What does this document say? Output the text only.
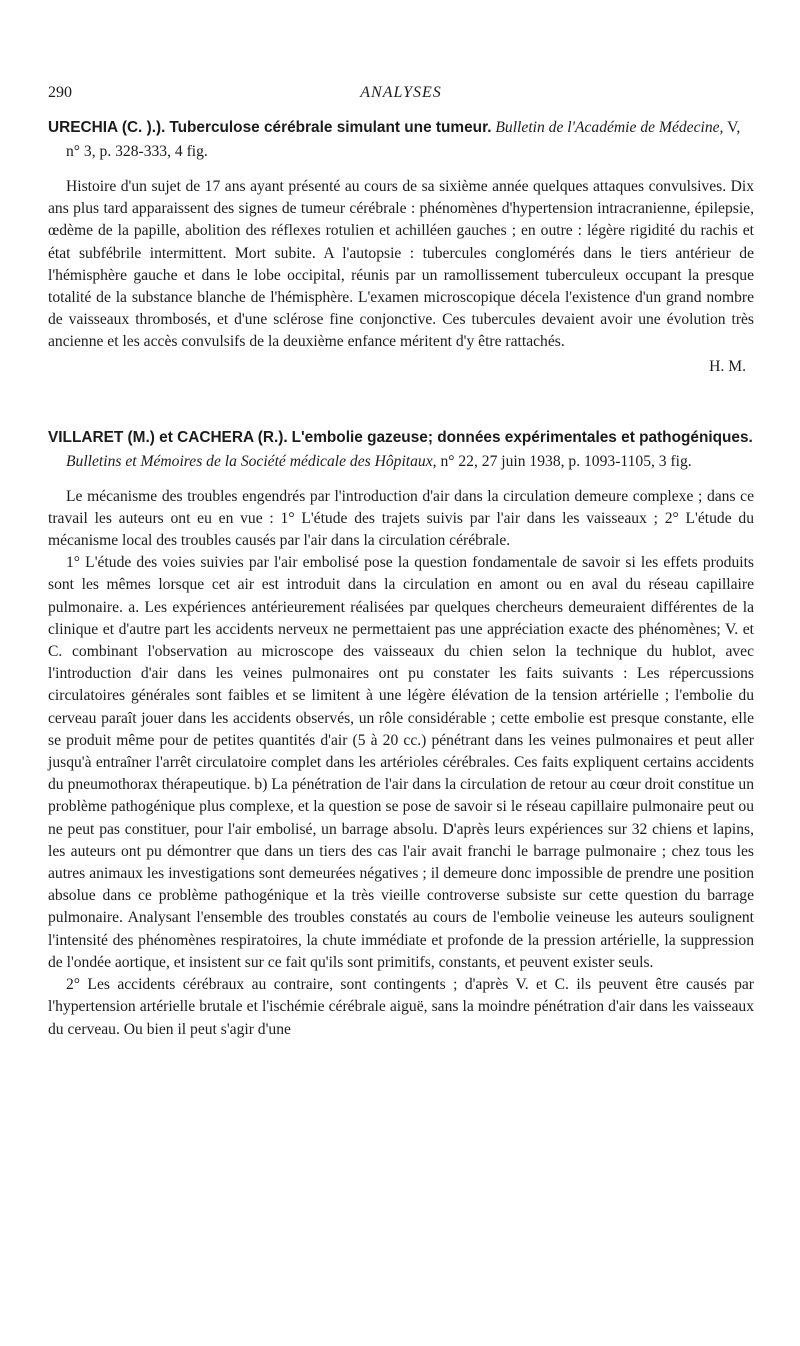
290	ANALYSES

URECHIA (C. ).). Tuberculose cérébrale simulant une tumeur. Bulletin de l'Académie de Médecine, V, n° 3, p. 328-333, 4 fig.

Histoire d'un sujet de 17 ans ayant présenté au cours de sa sixième année quelques attaques convulsives. Dix ans plus tard apparaissent des signes de tumeur cérébrale : phénomènes d'hypertension intracranienne, épilepsie, œdème de la papille, abolition des réflexes rotulien et achilléen gauches ; en outre : légère rigidité du rachis et état subfébrile intermittent. Mort subite. A l'autopsie : tubercules conglomérés dans le tiers antérieur de l'hémisphère gauche et dans le lobe occipital, réunis par un ramollissement tuberculeux occupant la presque totalité de la substance blanche de l'hémisphère. L'examen microscopique décela l'existence d'un grand nombre de vaisseaux thrombosés, et d'une sclérose fine conjonctive. Ces tubercules devaient avoir une évolution très ancienne et les accès convulsifs de la deuxième enfance méritent d'y être rattachés.

H. M.

VILLARET (M.) et CACHERA (R.). L'embolie gazeuse; données expérimentales et pathogéniques. Bulletins et Mémoires de la Société médicale des Hôpitaux, n° 22, 27 juin 1938, p. 1093-1105, 3 fig.

Le mécanisme des troubles engendrés par l'introduction d'air dans la circulation demeure complexe ; dans ce travail les auteurs ont eu en vue : 1° L'étude des trajets suivis par l'air dans les vaisseaux ; 2° L'étude du mécanisme local des troubles causés par l'air dans la circulation cérébrale.

1° L'étude des voies suivies par l'air embolisé pose la question fondamentale de savoir si les effets produits sont les mêmes lorsque cet air est introduit dans la circulation en amont ou en aval du réseau capillaire pulmonaire. a. Les expériences antérieurement réalisées par quelques chercheurs demeuraient différentes de la clinique et d'autre part les accidents nerveux ne permettaient pas une appréciation exacte des phénomènes; V. et C. combinant l'observation au microscope des vaisseaux du chien selon la technique du hublot, avec l'introduction d'air dans les veines pulmonaires ont pu constater les faits suivants : Les répercussions circulatoires générales sont faibles et se limitent à une légère élévation de la tension artérielle ; l'embolie du cerveau paraît jouer dans les accidents observés, un rôle considérable ; cette embolie est presque constante, elle se produit même pour de petites quantités d'air (5 à 20 cc.) pénétrant dans les veines pulmonaires et peut aller jusqu'à entraîner l'arrêt circulatoire complet dans les artérioles cérébrales. Ces faits expliquent certains accidents du pneumothorax thérapeutique. b) La pénétration de l'air dans la circulation de retour au cœur droit constitue un problème pathogénique plus complexe, et la question se pose de savoir si le réseau capillaire pulmonaire peut ou ne peut pas constituer, pour l'air embolisé, un barrage absolu. D'après leurs expériences sur 32 chiens et lapins, les auteurs ont pu démontrer que dans un tiers des cas l'air avait franchi le barrage pulmonaire ; chez tous les autres animaux les investigations sont demeurées négatives ; il demeure donc impossible de prendre une position absolue dans ce problème pathogénique et la très vieille controverse subsiste sur cette question du barrage pulmonaire. Analysant l'ensemble des troubles constatés au cours de l'embolie veineuse les auteurs soulignent l'intensité des phénomènes respiratoires, la chute immédiate et profonde de la pression artérielle, la suppression de l'ondée aortique, et insistent sur ce fait qu'ils sont primitifs, constants, et peuvent exister seuls.

2° Les accidents cérébraux au contraire, sont contingents ; d'après V. et C. ils peuvent être causés par l'hypertension artérielle brutale et l'ischémie cérébrale aiguë, sans la moindre pénétration d'air dans les vaisseaux du cerveau. Ou bien il peut s'agir d'une
